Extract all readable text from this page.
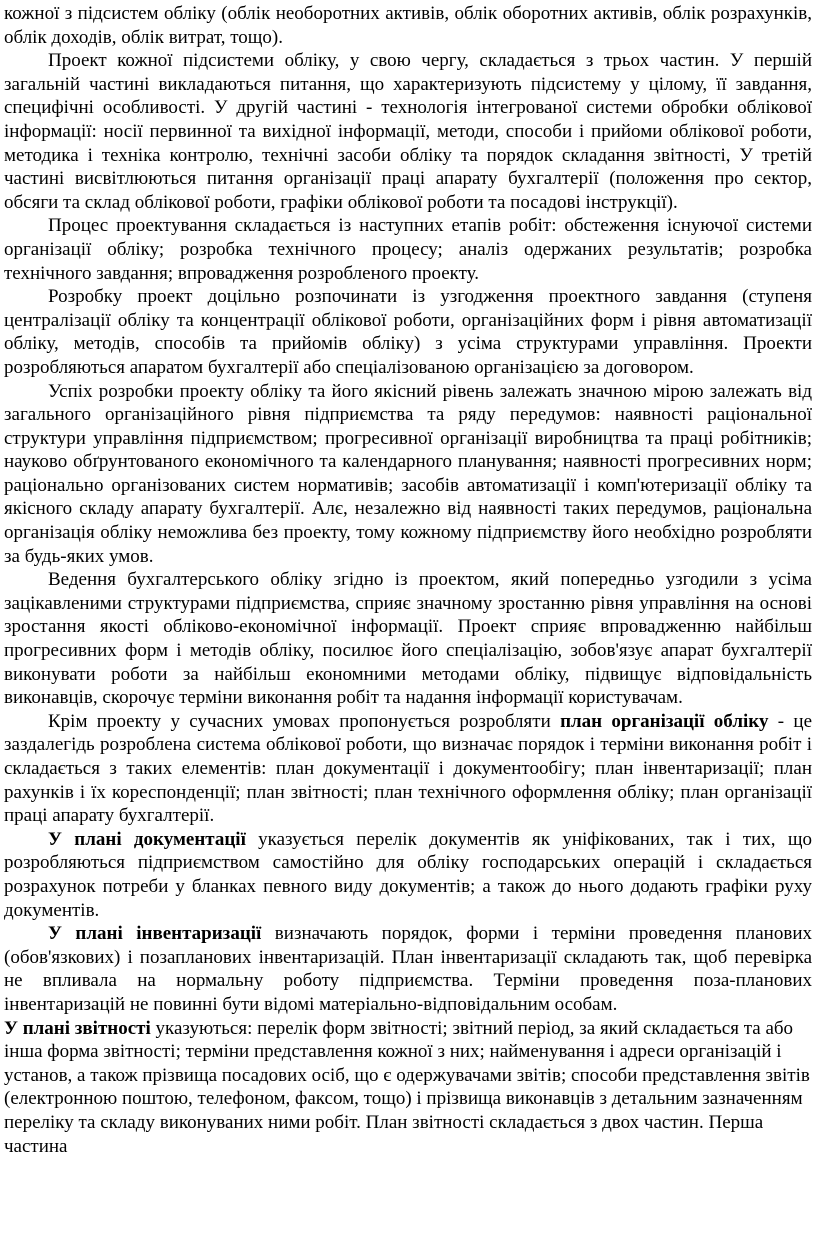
кожної з підсистем обліку (облік необоротних активів, облік оборотних активів, облік розрахунків, облік доходів, облік витрат, тощо).

Проект кожної підсистеми обліку, у свою чергу, складається з трьох частин. У першій загальній частині викладаються питання, що характеризують підсистему у цілому, її завдання, специфічні особливості. У другій частині - технологія інтегрованої системи обробки облікової інформації: носії первинної та вихідної інформації, методи, способи і прийоми облікової роботи, методика і техніка контролю, технічні засоби обліку та порядок складання звітності, У третій частині висвітлюються питання організації праці апарату бухгалтерії (положення про сектор, обсяги та склад облікової роботи, графіки облікової роботи та посадові інструкції).

Процес проектування складається із наступних етапів робіт: обстеження існуючої системи організації обліку; розробка технічного процесу; аналіз одержаних результатів; розробка технічного завдання; впровадження розробленого проекту.

Розробку проект доцільно розпочинати із узгодження проектного завдання (ступеня централізації обліку та концентрації облікової роботи, організаційних форм і рівня автоматизації обліку, методів, способів та прийомів обліку) з усіма структурами управління. Проекти розробляються апаратом бухгалтерії або спеціалізованою організацією за договором.

Успіх розробки проекту обліку та його якісний рівень залежать значною мірою залежать від загального організаційного рівня підприємства та ряду передумов: наявності раціональної структури управління підприємством; прогресивної організації виробництва та праці робітників; науково обґрунтованого економічного та календарного планування; наявності прогресивних норм; раціонально організованих систем нормативів; засобів автоматизації і комп'ютеризації обліку та якісного складу апарату бухгалтерії. Алє, незалежно від наявності таких передумов, раціональна організація обліку неможлива без проекту, тому кожному підприємству його необхідно розробляти за будь-яких умов.

Ведення бухгалтерського обліку згідно із проектом, який попередньо узгодили з усіма зацікавленими структурами підприємства, сприяє значному зростанню рівня управління на основі зростання якості обліково-економічної інформації. Проект сприяє впровадженню найбільш прогресивних форм і методів обліку, посилює його спеціалізацію, зобов'язує апарат бухгалтерії виконувати роботи за найбільш економними методами обліку, підвищує відповідальність виконавців, скорочує терміни виконання робіт та надання інформації користувачам.

Крім проекту у сучасних умовах пропонується розробляти план організації обліку - це заздалегідь розроблена система облікової роботи, що визначає порядок і терміни виконання робіт і складається з таких елементів: план документації і документообігу; план інвентаризації; план рахунків і їх кореспонденції; план звітності; план технічного оформлення обліку; план організації праці апарату бухгалтерії.

У плані документації указується перелік документів як уніфікованих, так і тих, що розробляються підприємством самостійно для обліку господарських операцій і складається розрахунок потреби у бланках певного виду документів; а також до нього додають графіки руху документів.

У плані інвентаризації визначають порядок, форми і терміни проведення планових (обов'язкових) і позапланових інвентаризацій. План інвентаризації складають так, щоб перевірка не впливала на нормальну роботу підприємства. Терміни проведення поза-планових інвентаризацій не повинні бути відомі матеріально-відповідальним особам.

У плані звітності указуються: перелік форм звітності; звітний період, за який складається та або інша форма звітності; терміни представлення кожної з них; найменування і адреси організацій і установ, а також прізвища посадових осіб, що є одержувачами звітів; способи представлення звітів (електронною поштою, телефоном, факсом, тощо) і прізвища виконавців з детальним зазначенням переліку та складу виконуваних ними робіт. План звітності складається з двох частин. Перша частина
